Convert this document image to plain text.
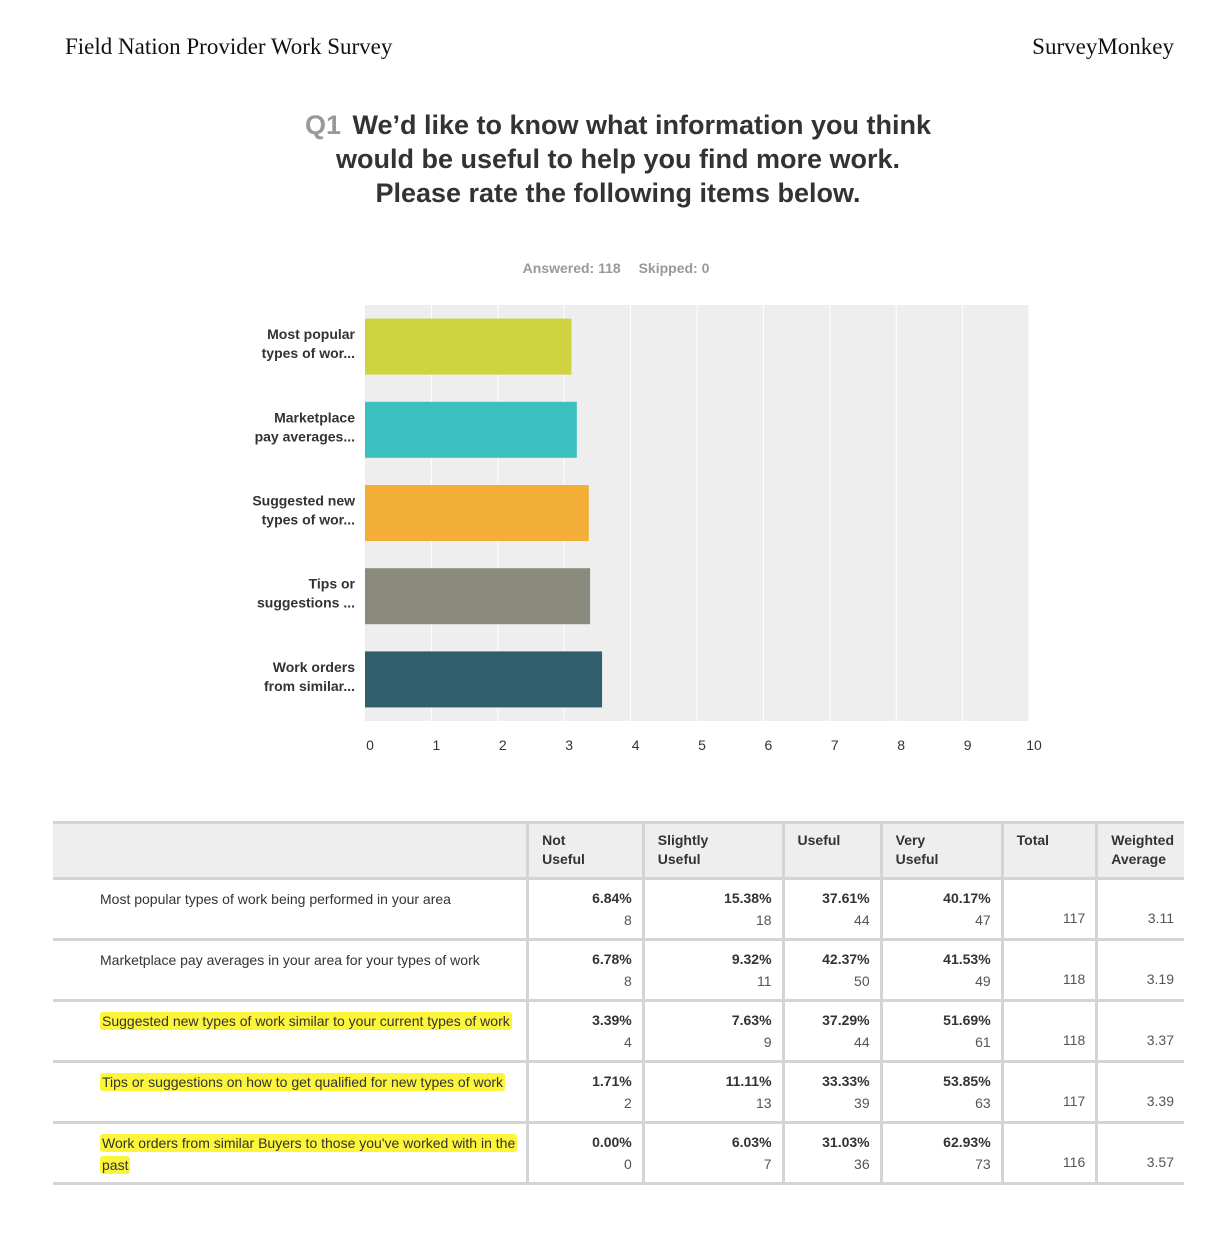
Field Nation Provider Work Survey	SurveyMonkey
Q1 We’d like to know what information you think would be useful to help you find more work. Please rate the following items below.
Answered: 118 Skipped: 0
0	1	2	3	4	5	6	7	8	9	10
Most popular
types of wor...
Marketplace
pay averages...
Suggested new
types of wor...
Tips or
suggestions ...
Work orders
from similar...
	Not
Useful	Slightly
Useful	Useful	Very
Useful	Total	Weighted
Average
Most popular types of work being performed in your area	6.84%
8	15.38%
18	37.61%
44	40.17%
47	117	3.11

Marketplace pay averages in your area for your types of work	6.78%
8	9.32%
11	42.37%
50	41.53%
49	118	3.19

Suggested new types of work similar to your current types of work	3.39%
4	7.63%
9	37.29%
44	51.69%
61	118	3.37

Tips or suggestions on how to get qualified for new types of work	1.71%
2	11.11%
13	33.33%
39	53.85%
63	117	3.39

Work orders from similar Buyers to those you've worked with in the past	0.00%
0	6.03%
7	31.03%
36	62.93%
73	116	3.57
